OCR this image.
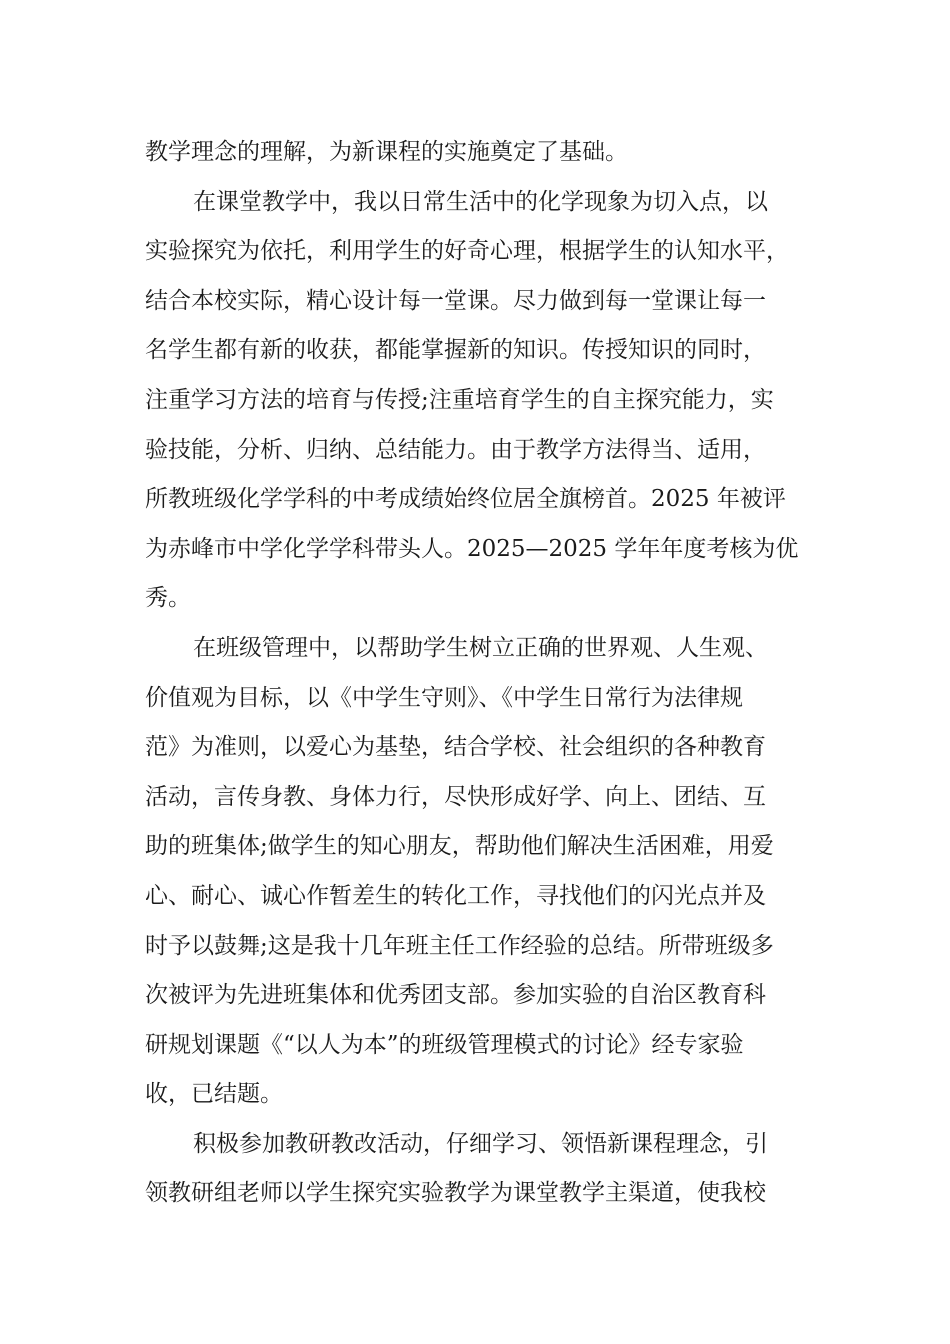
教学理念的理解，为新课程的实施奠定了基础。
在课堂教学中，我以日常生活中的化学现象为切入点，以
实验探究为依托，利用学生的好奇心理，根据学生的认知水平，
结合本校实际，精心设计每一堂课。尽力做到每一堂课让每一
名学生都有新的收获，都能掌握新的知识。传授知识的同时，
注重学习方法的培育与传授;注重培育学生的自主探究能力，实
验技能，分析、归纳、总结能力。由于教学方法得当、适用，
所教班级化学学科的中考成绩始终位居全旗榜首。2025 年被评
为赤峰市中学化学学科带头人。2025—2025 学年年度考核为优
秀。
在班级管理中，以帮助学生树立正确的世界观、人生观、
价值观为目标，以《中学生守则》、《中学生日常行为法律规
范》为准则，以爱心为基垫，结合学校、社会组织的各种教育
活动，言传身教、身体力行，尽快形成好学、向上、团结、互
助的班集体;做学生的知心朋友，帮助他们解决生活困难，用爱
心、耐心、诚心作暂差生的转化工作，寻找他们的闪光点并及
时予以鼓舞;这是我十几年班主任工作经验的总结。所带班级多
次被评为先进班集体和优秀团支部。参加实验的自治区教育科
研规划课题《“以人为本”的班级管理模式的讨论》经专家验
收，已结题。
积极参加教研教改活动，仔细学习、领悟新课程理念，引
领教研组老师以学生探究实验教学为课堂教学主渠道，使我校
